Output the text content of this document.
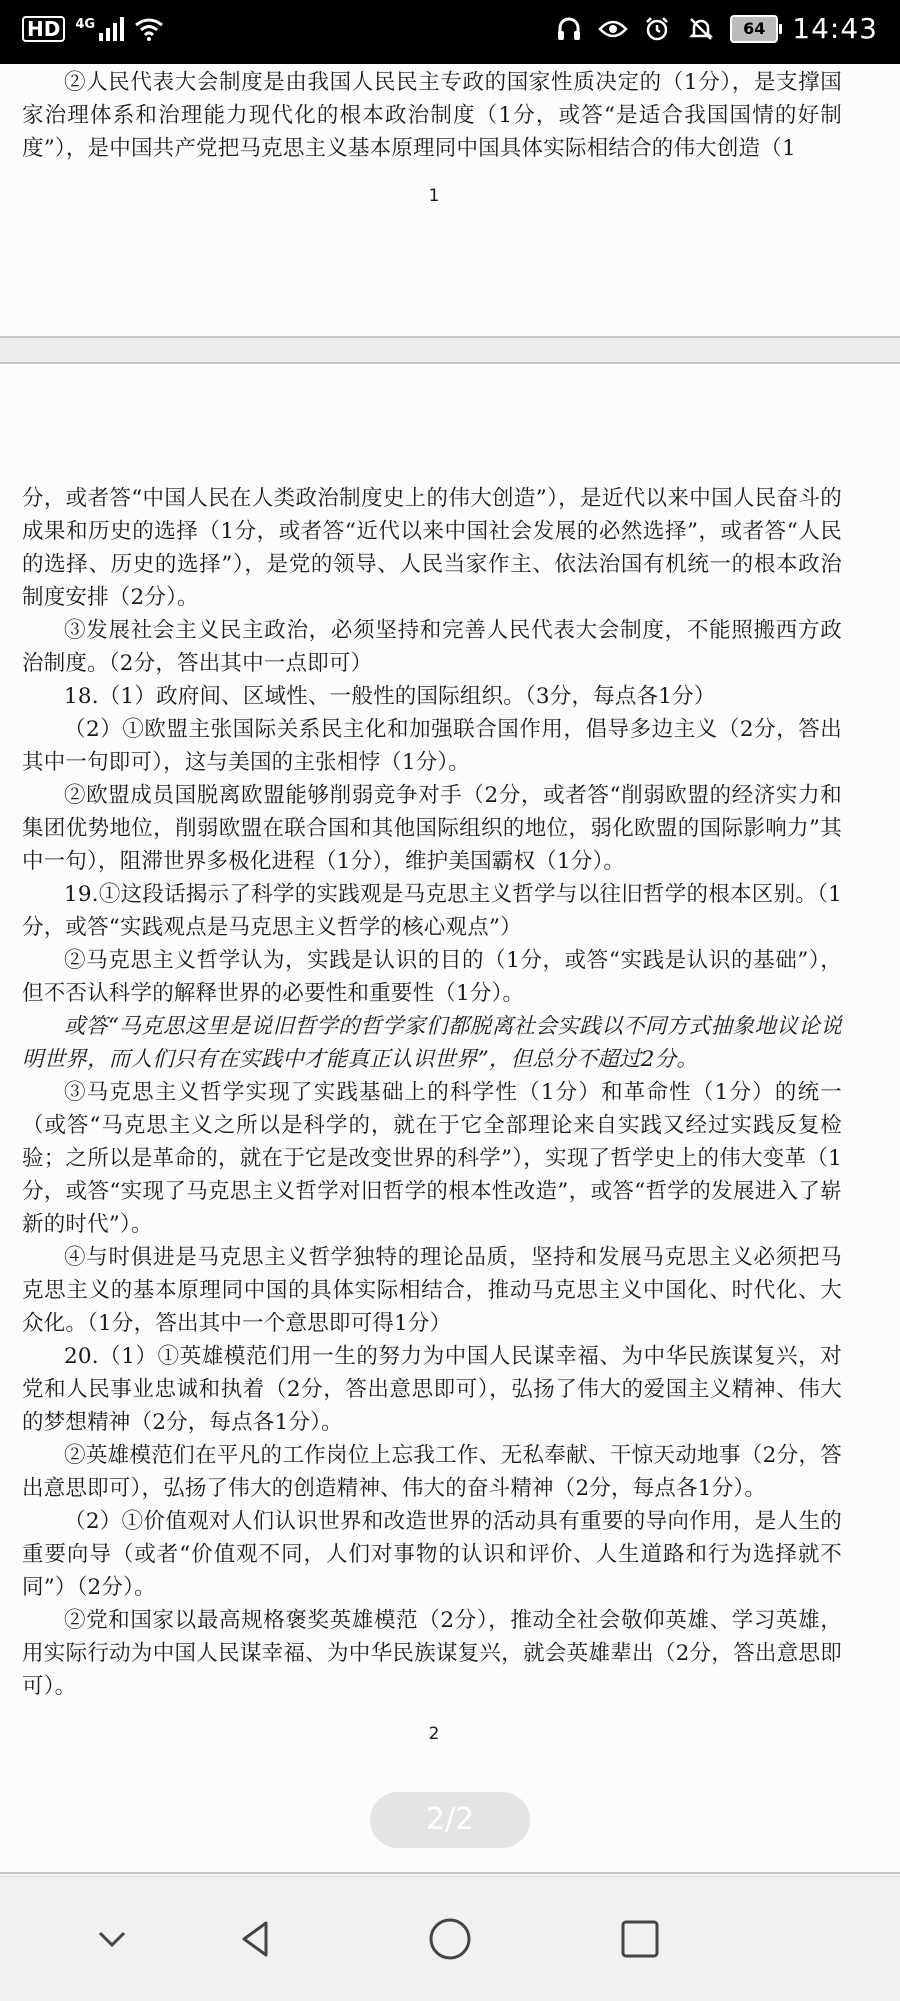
HD	4G	64 14:43

②人民代表大会制度是由我国人民民主专政的国家性质决定的（1分），是支撑国家治理体系和治理能力现代化的根本政治制度（1分，或答“是适合我国国情的好制度”），是中国共产党把马克思主义基本原理同中国具体实际相结合的伟大创造（1

1

分，或者答“中国人民在人类政治制度史上的伟大创造”），是近代以来中国人民奋斗的成果和历史的选择（1分，或者答“近代以来中国社会发展的必然选择”，或者答“人民的选择、历史的选择”），是党的领导、人民当家作主、依法治国有机统一的根本政治制度安排（2分）。

③发展社会主义民主政治，必须坚持和完善人民代表大会制度，不能照搬西方政治制度。（2分，答出其中一点即可）

18.（1）政府间、区域性、一般性的国际组织。（3分，每点各1分）

（2）①欧盟主张国际关系民主化和加强联合国作用，倡导多边主义（2分，答出其中一句即可），这与美国的主张相悖（1分）。

②欧盟成员国脱离欧盟能够削弱竞争对手（2分，或者答“削弱欧盟的经济实力和集团优势地位，削弱欧盟在联合国和其他国际组织的地位，弱化欧盟的国际影响力”其中一句），阻滞世界多极化进程（1分），维护美国霸权（1分）。

19.①这段话揭示了科学的实践观是马克思主义哲学与以往旧哲学的根本区别。（1分，或答“实践观点是马克思主义哲学的核心观点”）

②马克思主义哲学认为，实践是认识的目的（1分，或答“实践是认识的基础”），但不否认科学的解释世界的必要性和重要性（1分）。

或答“马克思这里是说旧哲学的哲学家们都脱离社会实践以不同方式抽象地议论说明世界，而人们只有在实践中才能真正认识世界”，但总分不超过2分。

③马克思主义哲学实现了实践基础上的科学性（1分）和革命性（1分）的统一（或答“马克思主义之所以是科学的，就在于它全部理论来自实践又经过实践反复检验；之所以是革命的，就在于它是改变世界的科学”），实现了哲学史上的伟大变革（1分，或答“实现了马克思主义哲学对旧哲学的根本性改造”，或答“哲学的发展进入了崭新的时代”）。

④与时俱进是马克思主义哲学独特的理论品质，坚持和发展马克思主义必须把马克思主义的基本原理同中国的具体实际相结合，推动马克思主义中国化、时代化、大众化。（1分，答出其中一个意思即可得1分）

20.（1）①英雄模范们用一生的努力为中国人民谋幸福、为中华民族谋复兴，对党和人民事业忠诚和执着（2分，答出意思即可），弘扬了伟大的爱国主义精神、伟大的梦想精神（2分，每点各1分）。

②英雄模范们在平凡的工作岗位上忘我工作、无私奉献、干惊天动地事（2分，答出意思即可），弘扬了伟大的创造精神、伟大的奋斗精神（2分，每点各1分）。

（2）①价值观对人们认识世界和改造世界的活动具有重要的导向作用，是人生的重要向导（或者“价值观不同，人们对事物的认识和评价、人生道路和行为选择就不同”）（2分）。

②党和国家以最高规格褒奖英雄模范（2分），推动全社会敬仰英雄、学习英雄，用实际行动为中国人民谋幸福、为中华民族谋复兴，就会英雄辈出（2分，答出意思即可）。

2
2/2
